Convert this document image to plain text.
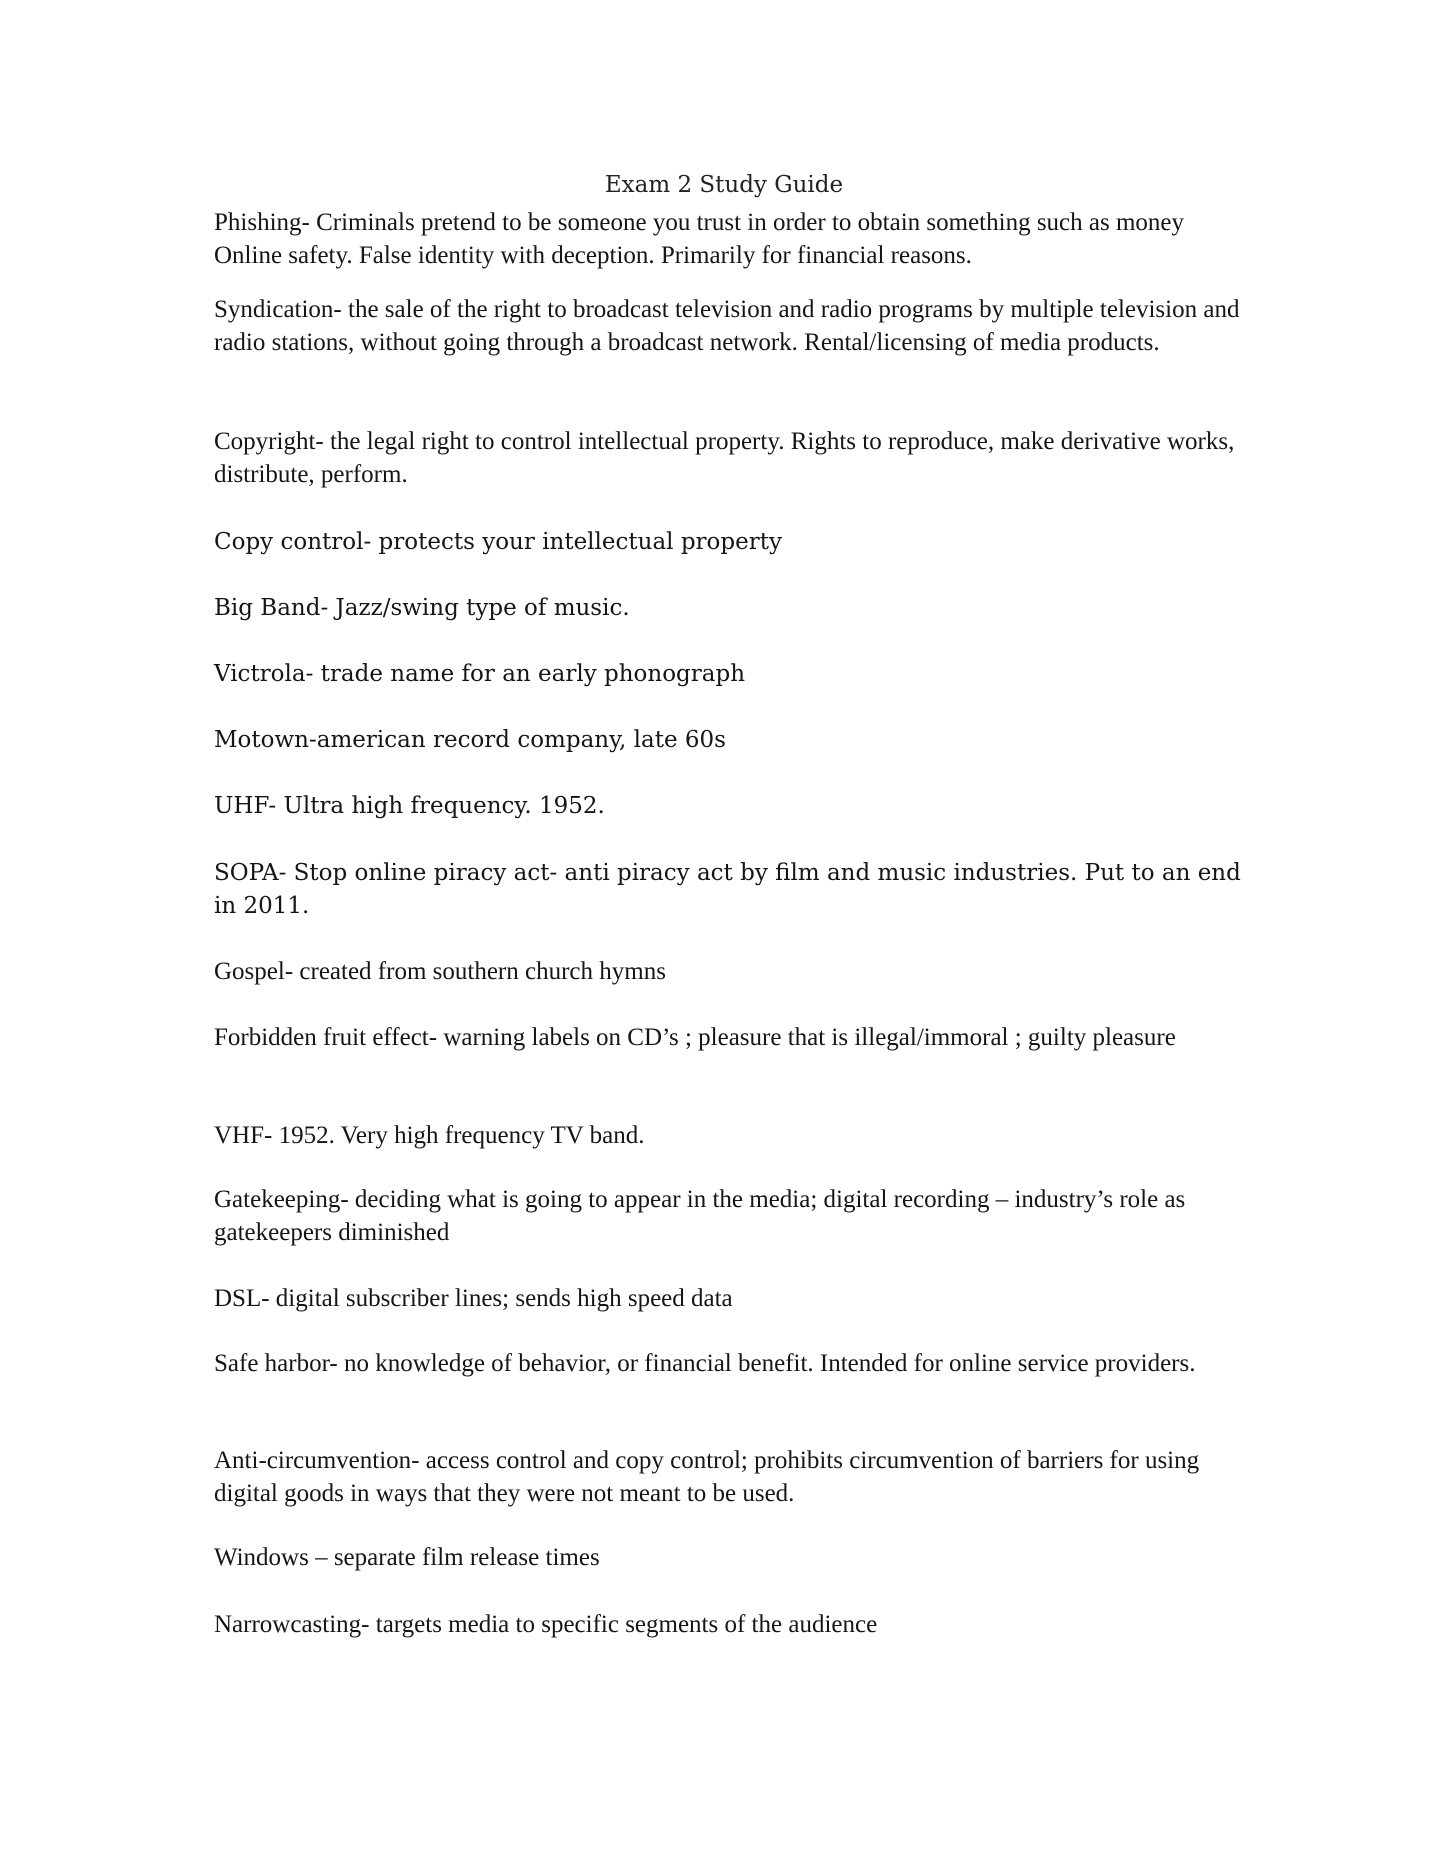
Exam 2 Study Guide

Phishing- Criminals pretend to be someone you trust in order to obtain something such as money Online safety. False identity with deception. Primarily for financial reasons.

Syndication- the sale of the right to broadcast television and radio programs by multiple television and radio stations, without going through a broadcast network. Rental/licensing of media products.

Copyright- the legal right to control intellectual property. Rights to reproduce, make derivative works, distribute, perform.

Copy control- protects your intellectual property

Big Band- Jazz/swing type of music.

Victrola- trade name for an early phonograph

Motown-american record company, late 60s

UHF- Ultra high frequency. 1952.

SOPA- Stop online piracy act- anti piracy act by film and music industries. Put to an end in 2011.

Gospel- created from southern church hymns

Forbidden fruit effect- warning labels on CD’s ; pleasure that is illegal/immoral ; guilty pleasure

VHF- 1952. Very high frequency TV band.

Gatekeeping- deciding what is going to appear in the media; digital recording – industry’s role as gatekeepers diminished

DSL- digital subscriber lines; sends high speed data

Safe harbor- no knowledge of behavior, or financial benefit. Intended for online service providers.

Anti-circumvention- access control and copy control; prohibits circumvention of barriers for using digital goods in ways that they were not meant to be used.

Windows – separate film release times

Narrowcasting- targets media to specific segments of the audience
